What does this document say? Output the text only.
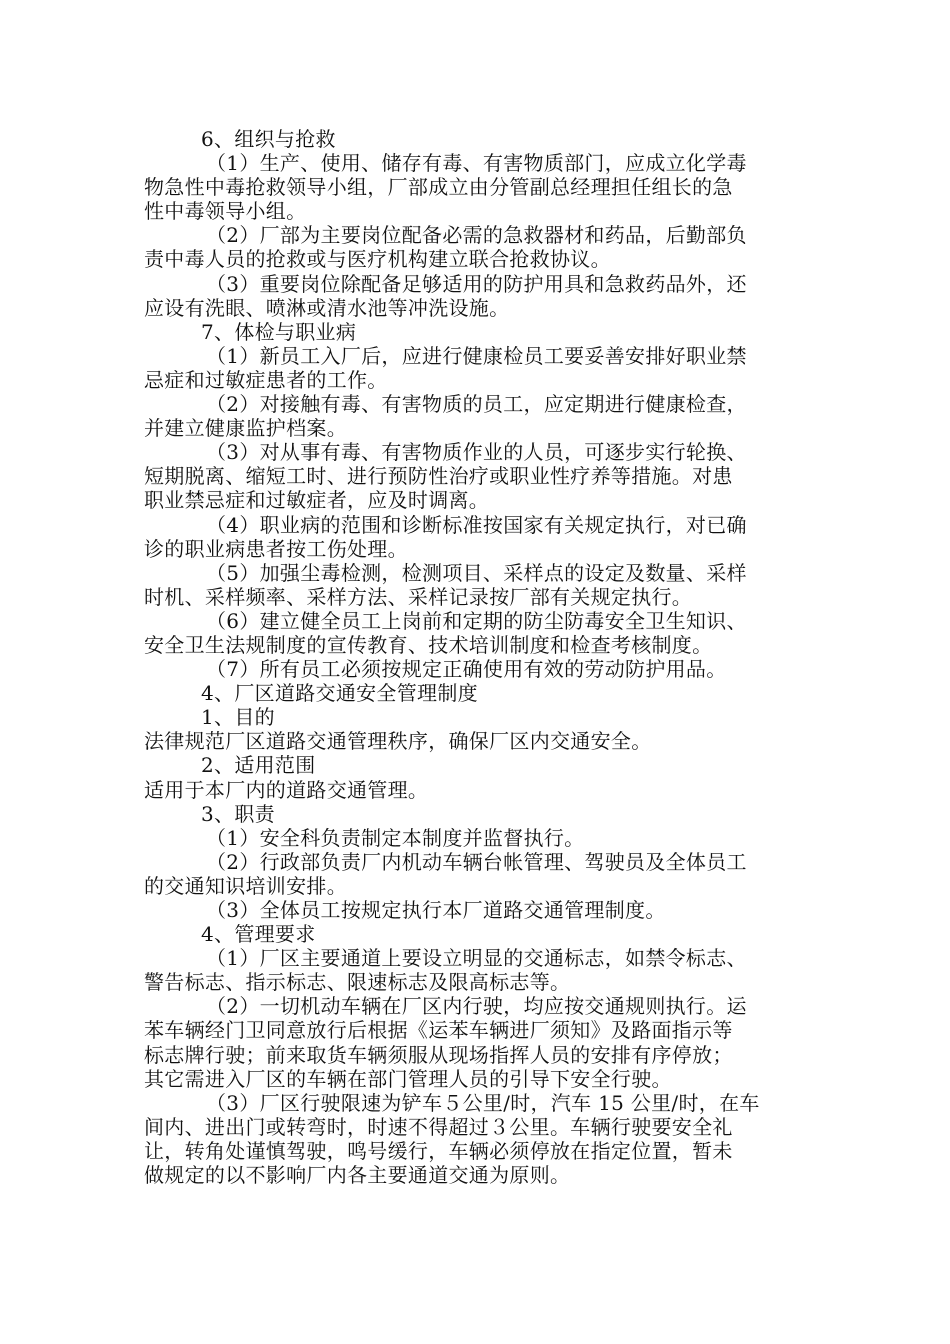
6、组织与抢救
（1）生产、使用、储存有毒、有害物质部门，应成立化学毒
物急性中毒抢救领导小组，厂部成立由分管副总经理担任组长的急
性中毒领导小组。
（2）厂部为主要岗位配备必需的急救器材和药品，后勤部负
责中毒人员的抢救或与医疗机构建立联合抢救协议。
（3）重要岗位除配备足够适用的防护用具和急救药品外，还
应设有洗眼、喷淋或清水池等冲洗设施。
7、体检与职业病
（1）新员工入厂后，应进行健康检员工要妥善安排好职业禁
忌症和过敏症患者的工作。
（2）对接触有毒、有害物质的员工，应定期进行健康检查，
并建立健康监护档案。
（3）对从事有毒、有害物质作业的人员，可逐步实行轮换、
短期脱离、缩短工时、进行预防性治疗或职业性疗养等措施。对患
职业禁忌症和过敏症者，应及时调离。
（4）职业病的范围和诊断标准按国家有关规定执行，对已确
诊的职业病患者按工伤处理。
（5）加强尘毒检测，检测项目、采样点的设定及数量、采样
时机、采样频率、采样方法、采样记录按厂部有关规定执行。
（6）建立健全员工上岗前和定期的防尘防毒安全卫生知识、
安全卫生法规制度的宣传教育、技术培训制度和检查考核制度。
（7）所有员工必须按规定正确使用有效的劳动防护用品。
4、厂区道路交通安全管理制度
1、目的
法律规范厂区道路交通管理秩序，确保厂区内交通安全。
2、适用范围
适用于本厂内的道路交通管理。
3、职责
（1）安全科负责制定本制度并监督执行。
（2）行政部负责厂内机动车辆台帐管理、驾驶员及全体员工
的交通知识培训安排。
（3）全体员工按规定执行本厂道路交通管理制度。
4、管理要求
（1）厂区主要通道上要设立明显的交通标志，如禁令标志、
警告标志、指示标志、限速标志及限高标志等。
（2）一切机动车辆在厂区内行驶，均应按交通规则执行。运
苯车辆经门卫同意放行后根据《运苯车辆进厂须知》及路面指示等
标志牌行驶；前来取货车辆须服从现场指挥人员的安排有序停放；
其它需进入厂区的车辆在部门管理人员的引导下安全行驶。
（3）厂区行驶限速为铲车５公里/时，汽车 15 公里/时，在车
间内、进出门或转弯时，时速不得超过３公里。车辆行驶要安全礼
让，转角处谨慎驾驶，鸣号缓行，车辆必须停放在指定位置，暂未
做规定的以不影响厂内各主要通道交通为原则。
